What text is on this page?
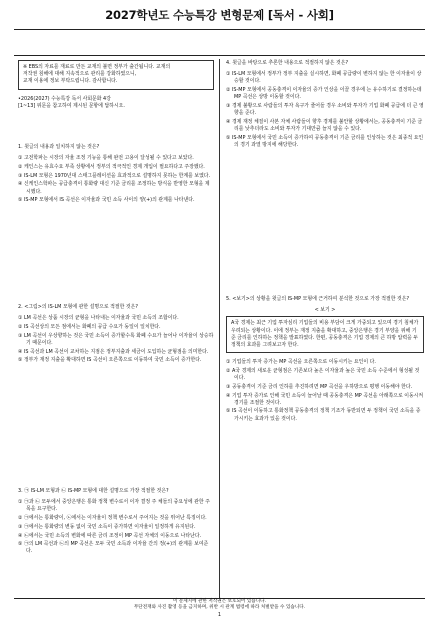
2027학년도 수능특강 변형문제 [독서 - 사회]
※ EBS의 자료를 재료로 만든 교재의 불면 정부가 출간됩니다. 교재의
저작권 침해에 대해 지속적으로 관리를 강화하였으니,
교재 이용에 정보 부탁드립니다. 감사합니다.
•2026(2027) 수능특강 독서 사회문화 4강
[1~13] 위문을 참고하여 제시된 문항에 답하시오.
1. 윗글의 내용과 일치하지 않는 것은?
① 고전학파는 시장의 자율 조정 기능을 통해 완전 고용이 달성될 수 있다고 보았다.
② 케인스는 유효수요 부족 상황에서 정부의 적극적인 경제 개입이 필요하다고 주장했다.
③ IS-LM 모형은 1970년대 스태그플레이션을 효과적으로 설명하지 못하는 한계를 보였다.
④ 신케인스학파는 공급충격이 통화량 대신 기준 금리를 조정하는 방식을 반영한 모형을 제시했다.
⑤ IS-MP 모형에서 IS 곡선은 이자율과 국민 소득 사이의 양(+)의 관계를 나타낸다.
2. <그림>의 IS-LM 모형에 관한 설명으로 적절한 것은?
① LM 곡선은 상품 시장의 균형을 나타내는 이자율과 국민 소득의 조합이다.
② IS 곡선상의 모든 점에서는 화폐의 공급 수요가 동일이 일치한다.
③ LM 곡선이 우상향하는 것은 국민 소득이 증가할수록 화폐 수요가 늘어나 이자율이 상승하기 때문이다.
④ IS 곡선과 LM 곡선이 교차하는 지점은 정부지출과 세금이 도입하는 균형점을 의미한다.
⑤ 정부가 재정 지출을 확대하면 IS 곡선이 오른쪽으로 이동하여 국민 소득이 증가한다.
3. ㉠ IS-LM 모형과 ㉡ IS-MP 모형에 대한 설명으로 가장 적절한 것은?
① ㉠과 ㉡ 모두에서 중앙은행은 통화 정책 변수로서 이자 결정 주 체들의 중요성에 관한 주목을 요구한다.
② ㉠에서는 통화량이, ㉡에서는 이자율이 정책 변수로서 주어지는 것을 뛰어난 특징이다.
③ ㉠에서는 통화량의 변동 없이 국민 소득이 증가하면 이자율이 일정하게 유지된다.
④ ㉡에서는 국민 소득의 변화에 따른 금리 조정이 MP 곡선 자체의 이동으로 나타난다.
⑤ ㉠의 LM 곡선과 ㉡의 MP 곡선은 모두 국민 소득과 이자율 간의 정(+)의 관계를 보여준다.
4. 윗글을 바탕으로 추론한 내용으로 적절하지 않은 것은?
① IS-LM 모형에서 정부가 정부 지출을 실시하면, 화폐 공급량이 변하지 않는 한 이자율이 상승할 것이다.
② IS-MP 모형에서 공동충격이 이자율의 증가 인상을 이끌 경우에 는 유수하기로 결정하는데 MP 곡선은 상방 이동할 것이다.
③ 경제 불황으로 사람들의 투자 욕구가 줄어들 경우 소비와 투자가 기업 화폐 공급에 더 큰 영향을 준다.
④ 경제 재정 체질이 사본 자체 사람들이 향후 경제를 불안할 상황에서는, 공동충격이 기준 금리를 낮추더라도 소비와 투자가 기대만큼 늘지 않을 수 있다.
⑤ IS-MP 모형에서 국민 소득이 증가하여 공동충격이 기준 금리를 인상하는 것은 최종적 요인의 경기 과열 방지에 해당한다.
5. <보기>의 상황을 윗글의 IS-MP 모형에 근거하여 분석한 것으로 가장 적절한 것은?
< 보기 >
A국 경제는 최근 기업 투자심리 기업들의 비용 부담이 크게 가중되고 있으며 경기 침체가 우려되는 상황이다. 이에 정부는 재정 지출을 확대하고, 중앙은행은 경기 부양을 위해 기준 금리를 인하하는 정책을 발표하였다. 한편, 공동충격은 기업 경제의 큰 하방 압력을 두 정책의 효과를 그려보고자 한다.
① 기업들의 투자 증가는 MP 곡선을 오른쪽으로 이동시키는 요인이 다.
② A국 경제의 새로운 균형점은 기존보다 높은 이자율과 높은 국민 소득 수준에서 형성될 것이다.
③ 공동충격이 기준 금리 인하를 추진하려면 MP 곡선을 우하방으로 평행 이동해야 한다.
④ 기업 투자 증가로 인해 국민 소득이 늘어날 때 공동충격은 MP 곡선을 아래쪽으로 이동시켜 경기를 조절한 것이다.
⑤ IS 곡선이 이동하고 통화정책 공동충격의 정책 기조가 동반되면 두 정책이 국민 소득을 증가시키는 효과가 있을 것이다.
이 문제지에 관한 저작권은 보호되어 있습니다.
무단전재와 사진 촬영 등을 금지하며, 위반 시 관계 법령에 따라 처벌받을 수 있습니다.
1
